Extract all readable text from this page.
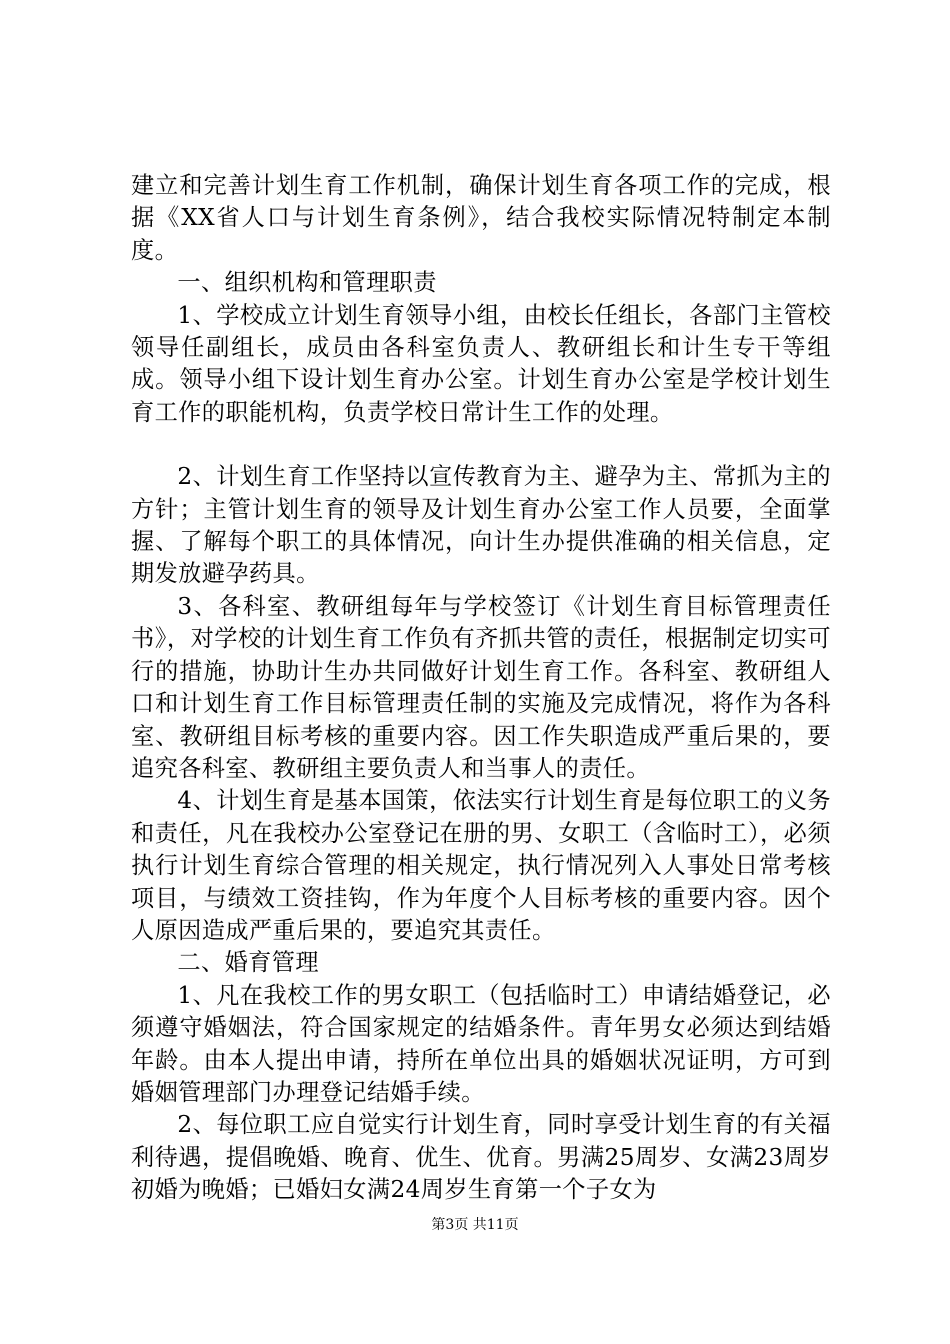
建立和完善计划生育工作机制，确保计划生育各项工作的完成，根据《XX省人口与计划生育条例》，结合我校实际情况特制定本制度。

一、组织机构和管理职责

1、学校成立计划生育领导小组，由校长任组长，各部门主管校领导任副组长，成员由各科室负责人、教研组长和计生专干等组成。领导小组下设计划生育办公室。计划生育办公室是学校计划生育工作的职能机构，负责学校日常计生工作的处理。

2、计划生育工作坚持以宣传教育为主、避孕为主、常抓为主的方针；主管计划生育的领导及计划生育办公室工作人员要，全面掌握、了解每个职工的具体情况，向计生办提供准确的相关信息，定期发放避孕药具。

3、各科室、教研组每年与学校签订《计划生育目标管理责任书》，对学校的计划生育工作负有齐抓共管的责任，根据制定切实可行的措施，协助计生办共同做好计划生育工作。各科室、教研组人口和计划生育工作目标管理责任制的实施及完成情况，将作为各科室、教研组目标考核的重要内容。因工作失职造成严重后果的，要追究各科室、教研组主要负责人和当事人的责任。

4、计划生育是基本国策，依法实行计划生育是每位职工的义务和责任，凡在我校办公室登记在册的男、女职工（含临时工），必须执行计划生育综合管理的相关规定，执行情况列入人事处日常考核项目，与绩效工资挂钩，作为年度个人目标考核的重要内容。因个人原因造成严重后果的，要追究其责任。

二、婚育管理

1、凡在我校工作的男女职工（包括临时工）申请结婚登记，必须遵守婚姻法，符合国家规定的结婚条件。青年男女必须达到结婚年龄。由本人提出申请，持所在单位出具的婚姻状况证明，方可到婚姻管理部门办理登记结婚手续。

2、每位职工应自觉实行计划生育，同时享受计划生育的有关福利待遇，提倡晚婚、晚育、优生、优育。男满25周岁、女满23周岁初婚为晚婚；已婚妇女满24周岁生育第一个子女为

第3页 共11页
